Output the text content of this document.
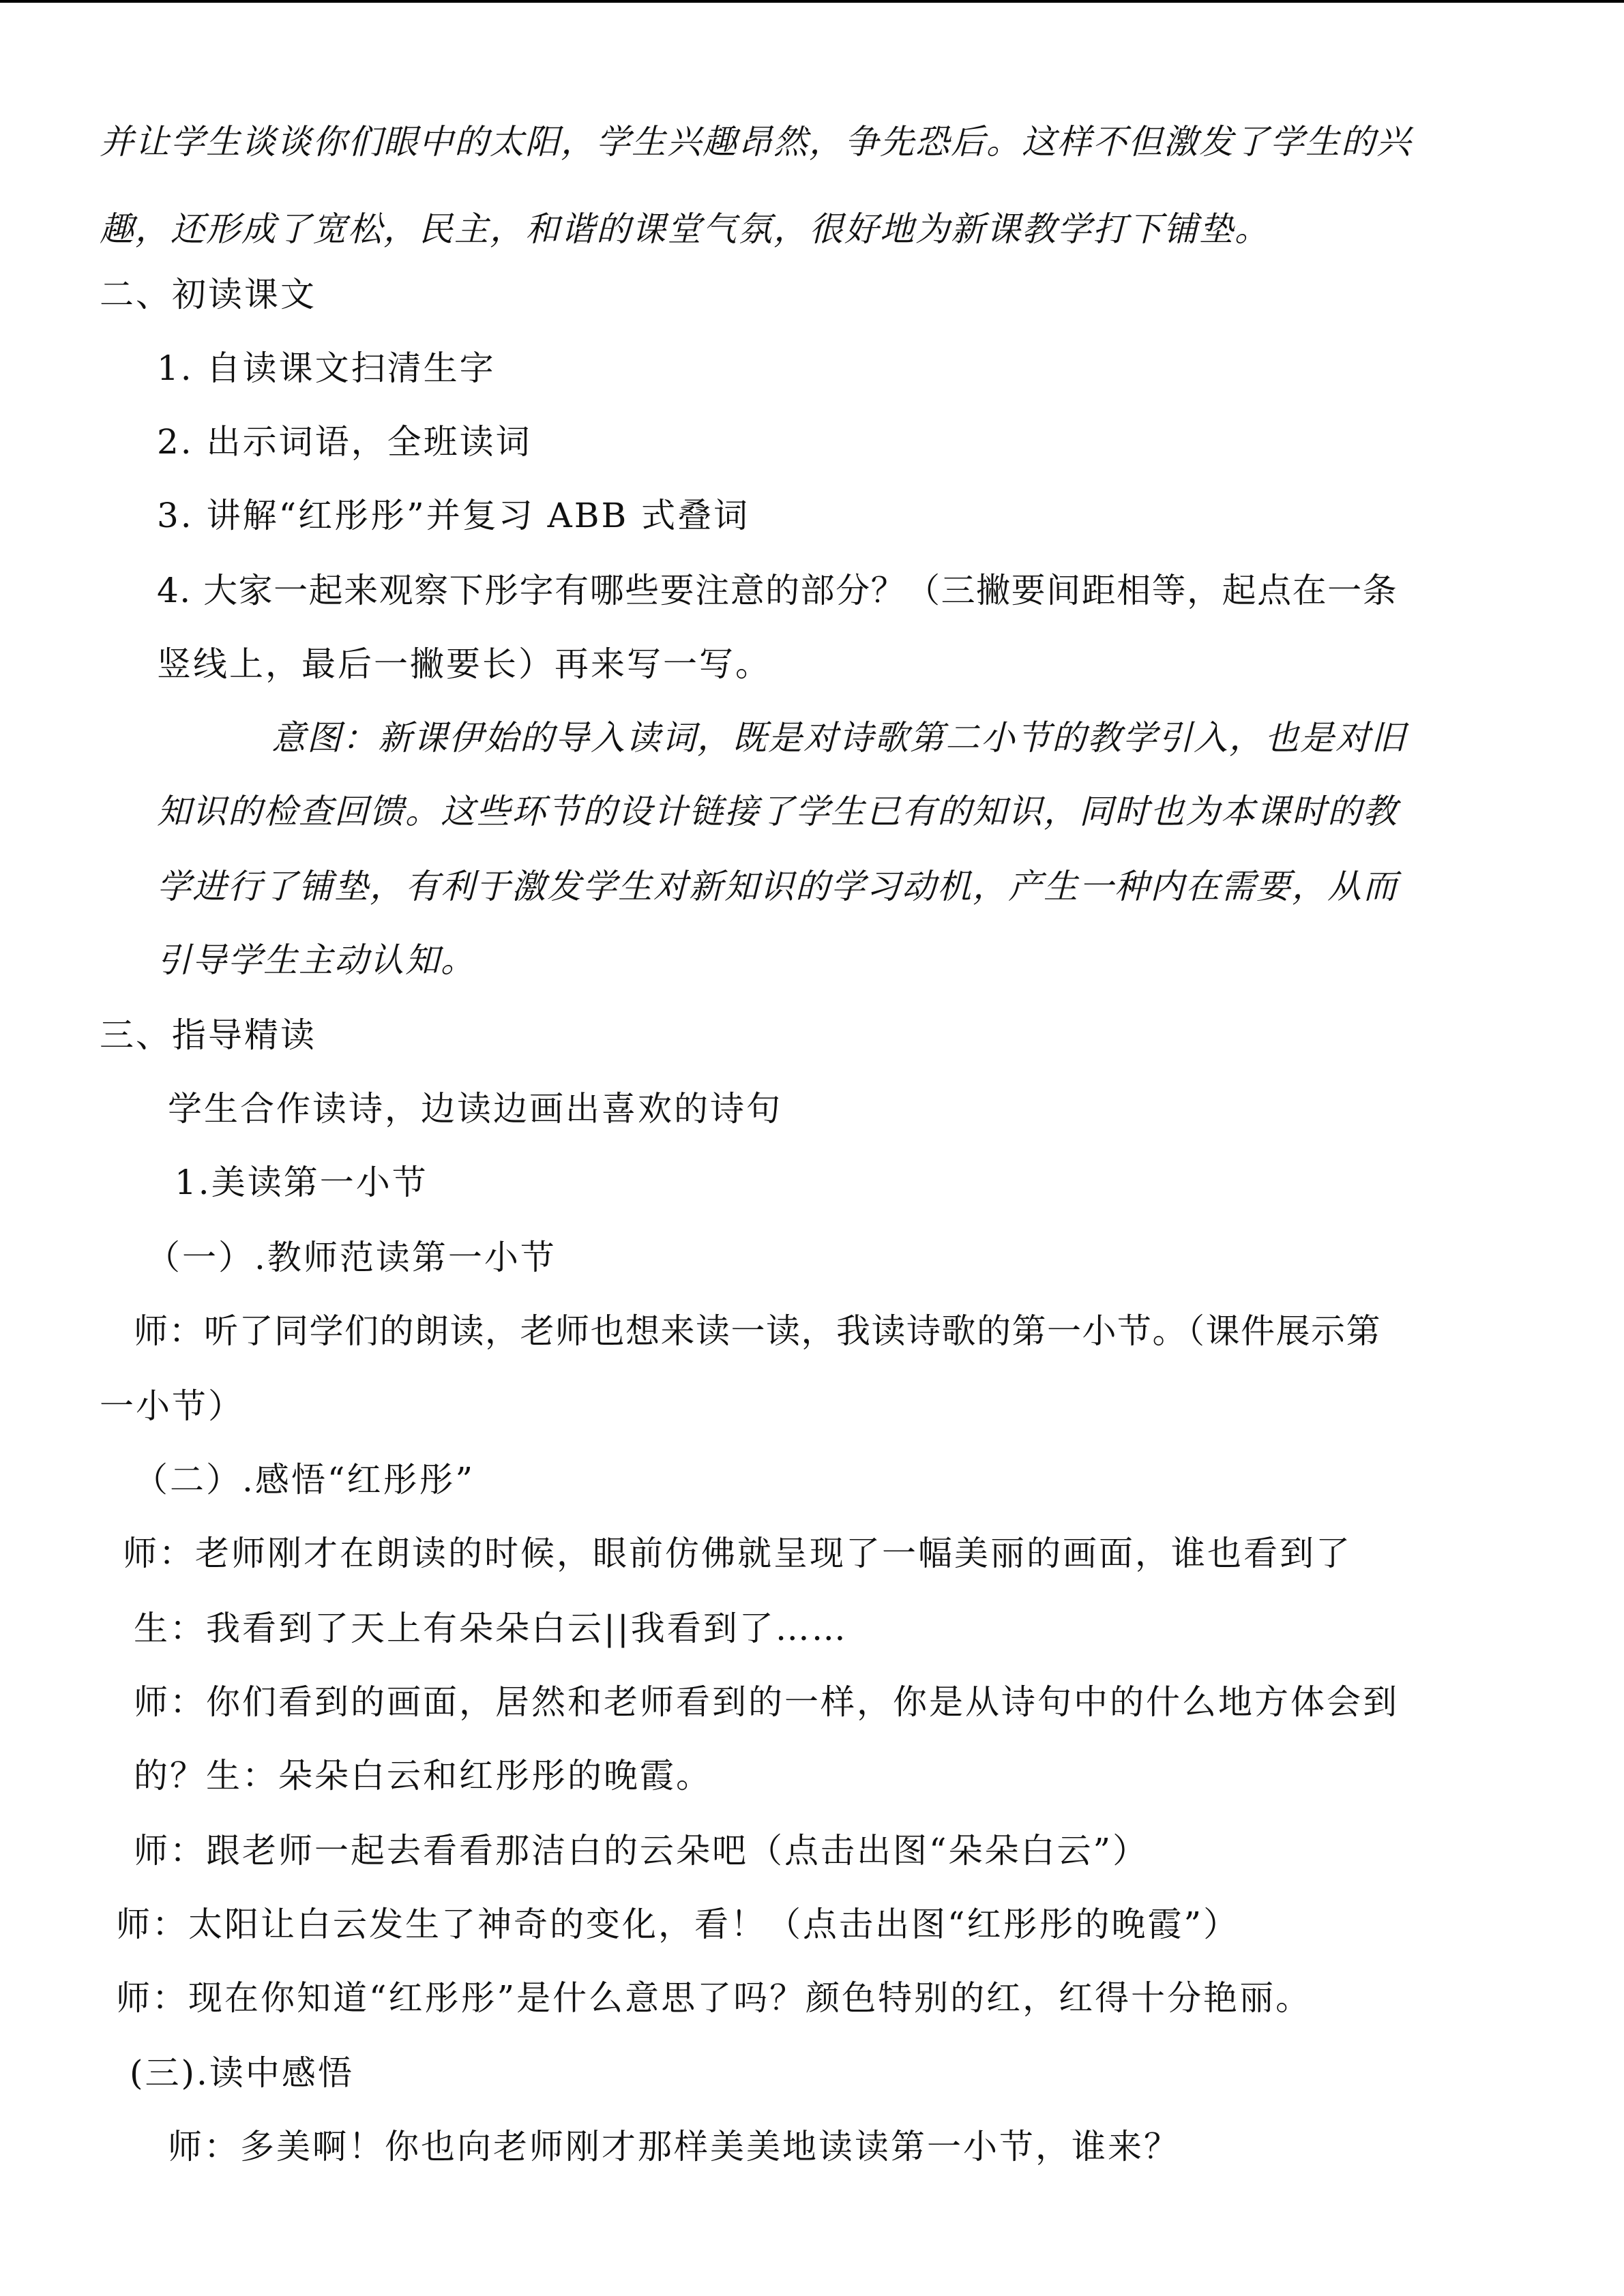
并让学生谈谈你们眼中的太阳，学生兴趣昂然，争先恐后。这样不但激发了学生的兴
趣，还形成了宽松，民主，和谐的课堂气氛，很好地为新课教学打下铺垫。
二、初读课文
1. 自读课文扫清生字
2. 出示词语，全班读词
3. 讲解“红彤彤”并复习 ABB 式叠词
4. 大家一起来观察下彤字有哪些要注意的部分？（三撇要间距相等，起点在一条
竖线上，最后一撇要长）再来写一写。
意图：新课伊始的导入读词，既是对诗歌第二小节的教学引入，也是对旧
知识的检查回馈。这些环节的设计链接了学生已有的知识，同时也为本课时的教
学进行了铺垫，有利于激发学生对新知识的学习动机，产生一种内在需要，从而
引导学生主动认知。
三、指导精读
学生合作读诗，边读边画出喜欢的诗句
1.美读第一小节
（一）.教师范读第一小节
师：听了同学们的朗读，老师也想来读一读，我读诗歌的第一小节。（课件展示第
一小节）
（二）.感悟“红彤彤”
师：老师刚才在朗读的时候，眼前仿佛就呈现了一幅美丽的画面，谁也看到了
生：我看到了天上有朵朵白云||我看到了……
师：你们看到的画面，居然和老师看到的一样，你是从诗句中的什么地方体会到
的？生：朵朵白云和红彤彤的晚霞。
师：跟老师一起去看看那洁白的云朵吧（点击出图“朵朵白云”）
师：太阳让白云发生了神奇的变化，看！（点击出图“红彤彤的晚霞”）
师：现在你知道“红彤彤”是什么意思了吗？颜色特别的红，红得十分艳丽。
(三).读中感悟
师：多美啊！你也向老师刚才那样美美地读读第一小节，谁来？
